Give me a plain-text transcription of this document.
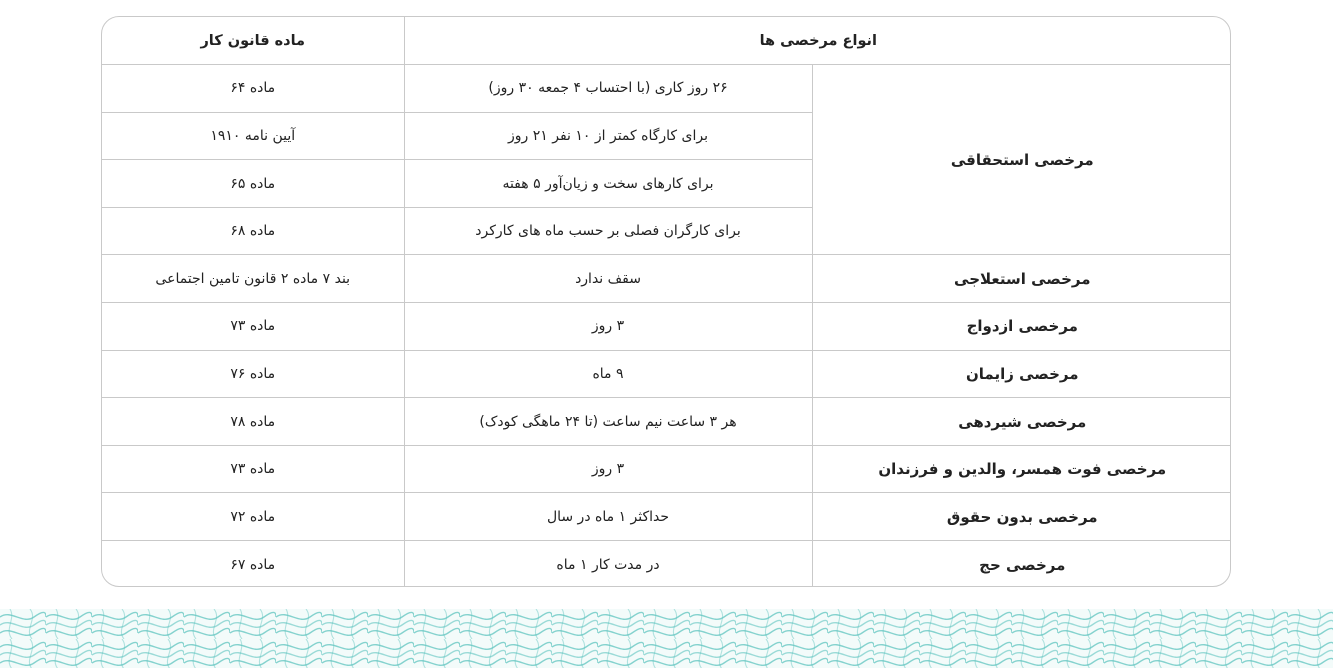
انواع مرخصی ها		ماده قانون کار
مرخصی استحقاقی	۲۶ روز کاری (با احتساب ۴ جمعه ۳۰ روز)	ماده ۶۴
	برای کارگاه کمتر از ۱۰ نفر ۲۱ روز	آیین نامه ۱۹۱۰
	برای کارهای سخت و زیان‌آور ۵ هفته	ماده ۶۵
	برای کارگران فصلی بر حسب ماه های کارکرد	ماده ۶۸
مرخصی استعلاجی	سقف ندارد	بند ۷ ماده ۲ قانون تامین اجتماعی
مرخصی ازدواج	۳ روز	ماده ۷۳
مرخصی زایمان	۹ ماه	ماده ۷۶
مرخصی شیردهی	هر ۳ ساعت نیم ساعت (تا ۲۴ ماهگی کودک)	ماده ۷۸
مرخصی فوت همسر، والدین و فرزندان	۳ روز	ماده ۷۳
مرخصی بدون حقوق	حداکثر ۱ ماه در سال	ماده ۷۲
مرخصی حج	در مدت کار ۱ ماه	ماده ۶۷
